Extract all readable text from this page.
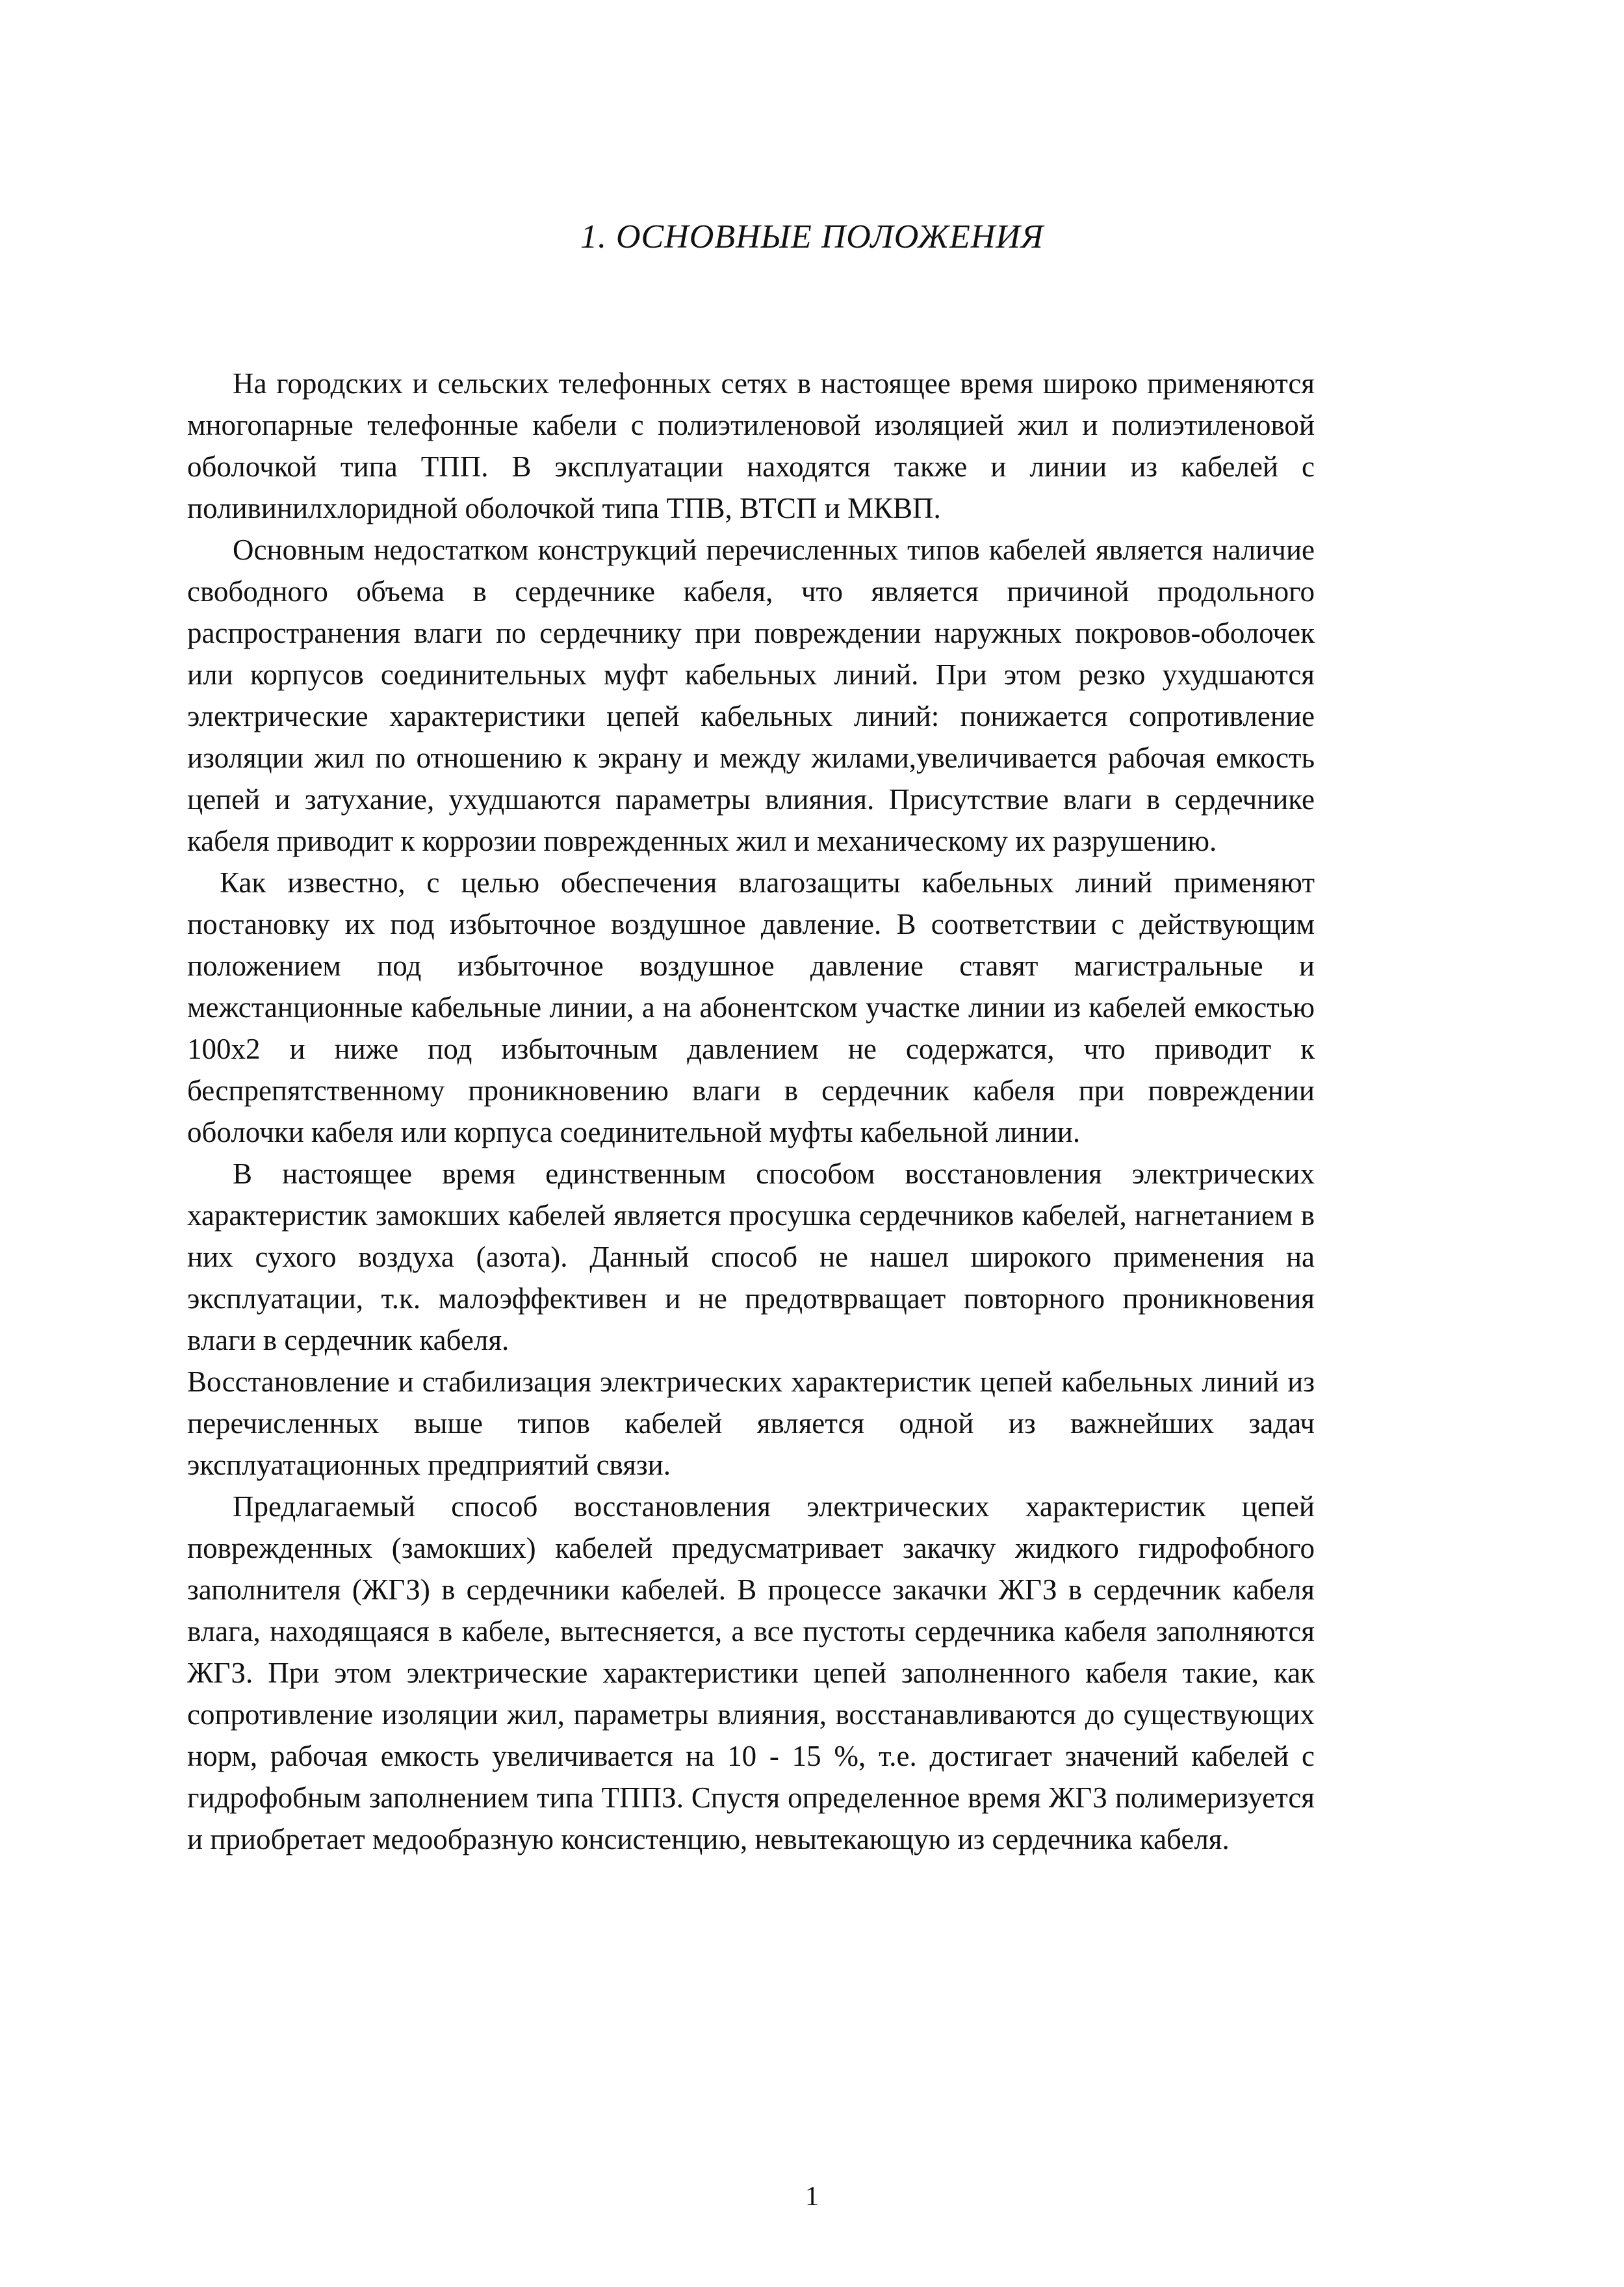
1. ОСНОВНЫЕ ПОЛОЖЕНИЯ

На городских и сельских телефонных сетях в настоящее время широко применяются многопарные телефонные кабели с полиэтиленовой изоляцией жил и полиэтиленовой оболочкой типа ТПП. В эксплуатации находятся также и линии из кабелей с поливинилхлоридной оболочкой типа ТПВ, ВТСП и МКВП.

Основным недостатком конструкций перечисленных типов кабелей является наличие свободного объема в сердечнике кабеля, что является причиной продольного распространения влаги по сердечнику при повреждении наружных покровов-оболочек или корпусов соединительных муфт кабельных линий. При этом резко ухудшаются электрические характеристики цепей кабельных линий: понижается сопротивление изоляции жил по отношению к экрану и между жилами,увеличивается рабочая емкость цепей и затухание, ухудшаются параметры влияния. Присутствие влаги в сердечнике кабеля приводит к коррозии поврежденных жил и механическому их разрушению.

Как известно, с целью обеспечения влагозащиты кабельных линий применяют постановку их под избыточное воздушное давление. В соответствии с действующим положением под избыточное воздушное давление ставят магистральные и межстанционные кабельные линии, а на абонентском участке линии из кабелей емкостью 100х2 и ниже под избыточным давлением не содержатся, что приводит к беспрепятственному проникновению влаги в сердечник кабеля при повреждении оболочки кабеля или корпуса соединительной муфты кабельной линии.

В настоящее время единственным способом восстановления электрических характеристик замокших кабелей является просушка сердечников кабелей, нагнетанием в них сухого воздуха (азота). Данный способ не нашел широкого применения на эксплуатации, т.к. малоэффективен и не предотврващает повторного проникновения влаги в сердечник кабеля.

Восстановление и стабилизация электрических характеристик цепей кабельных линий из перечисленных выше типов кабелей является одной из важнейших задач эксплуатационных предприятий связи.

Предлагаемый способ восстановления электрических характеристик цепей поврежденных (замокших) кабелей предусматривает закачку жидкого гидрофобного заполнителя (ЖГЗ) в сердечники кабелей. В процессе закачки ЖГЗ в сердечник кабеля влага, находящаяся в кабеле, вытесняется, а все пустоты сердечника кабеля заполняются ЖГЗ. При этом электрические характеристики цепей заполненного кабеля такие, как сопротивление изоляции жил, параметры влияния, восстанавливаются до существующих норм, рабочая емкость увеличивается на 10 - 15 %, т.е. достигает значений кабелей с гидрофобным заполнением типа ТППЗ. Спустя определенное время ЖГЗ полимеризуется и приобретает медообразную консистенцию, невытекающую из сердечника кабеля.

1
